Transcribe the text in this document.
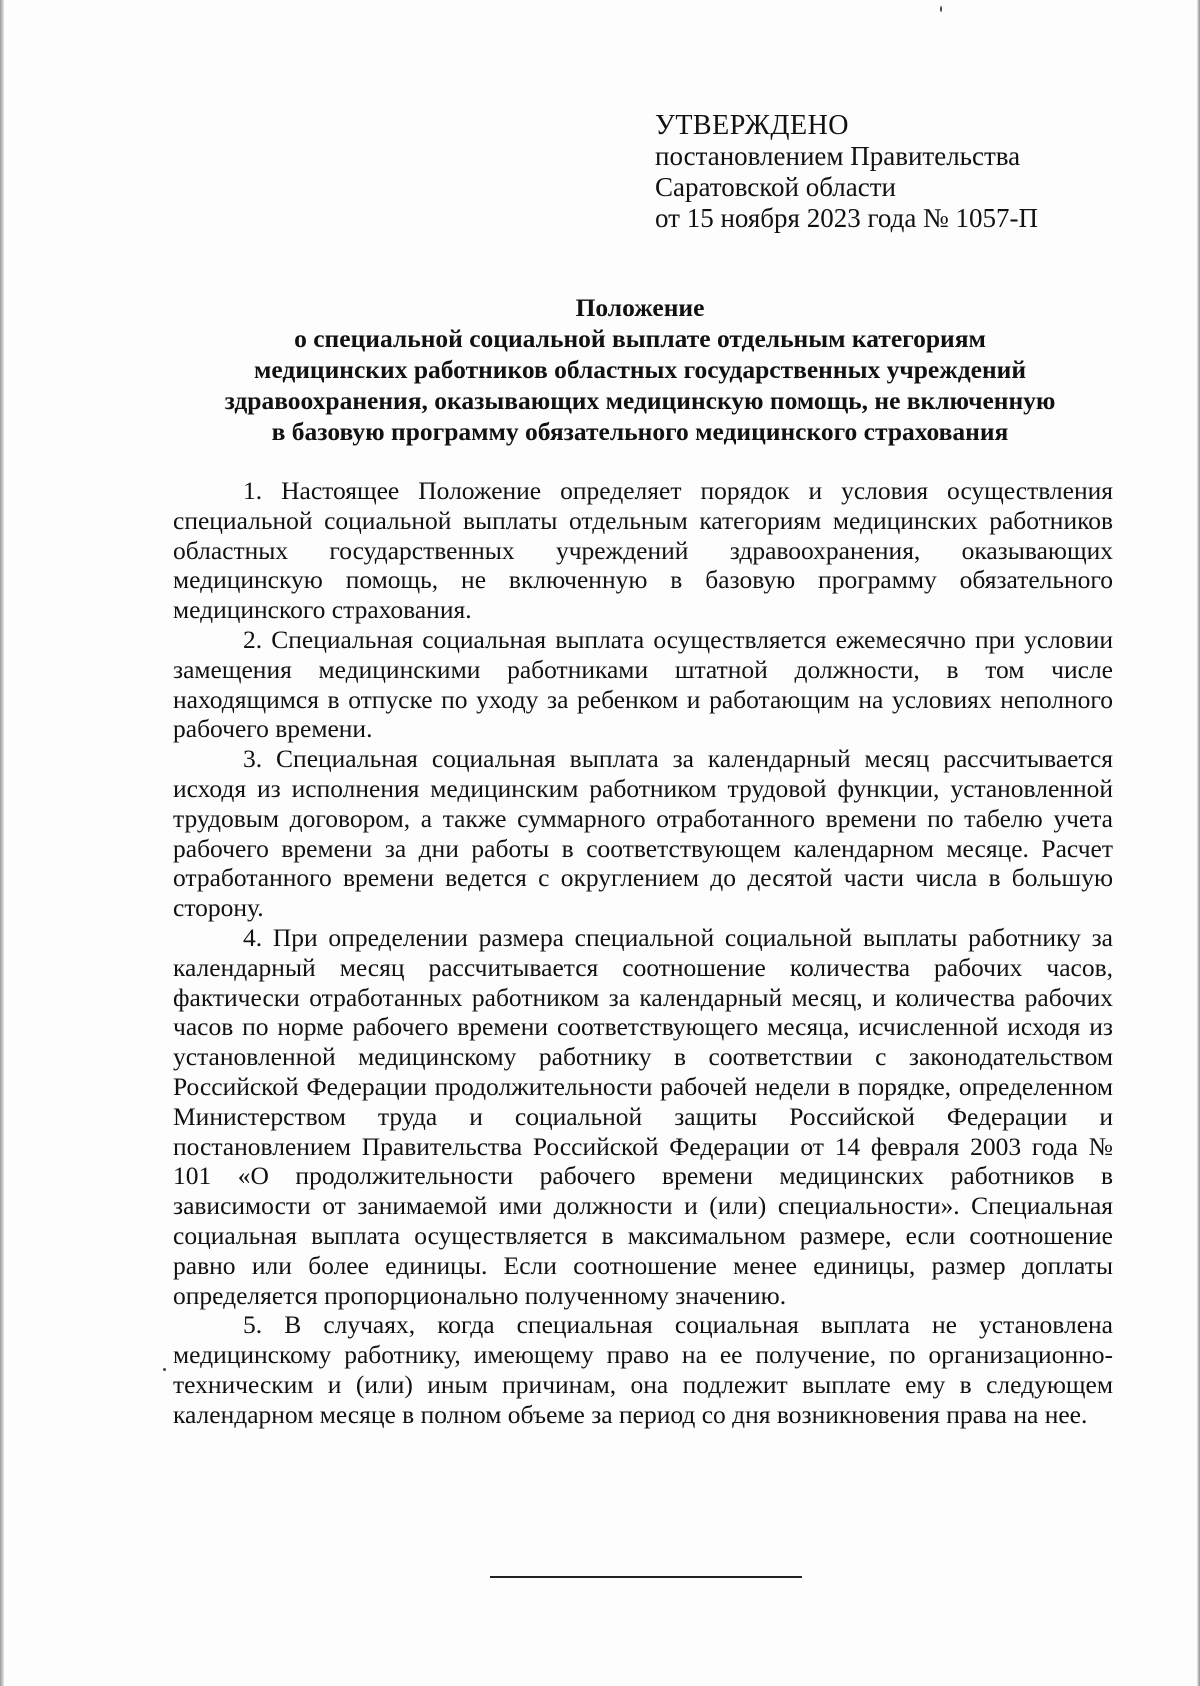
УТВЕРЖДЕНО
постановлением Правительства
Саратовской области
от 15 ноября 2023 года № 1057-П
Положение
о специальной социальной выплате отдельным категориям
медицинских работников областных государственных учреждений
здравоохранения, оказывающих медицинскую помощь, не включенную
в базовую программу обязательного медицинского страхования

1. Настоящее Положение определяет порядок и условия осуществления специальной социальной выплаты отдельным категориям медицинских работников областных государственных учреждений здравоохранения, оказывающих медицинскую помощь, не включенную в базовую программу обязательного медицинского страхования.

2. Специальная социальная выплата осуществляется ежемесячно при условии замещения медицинскими работниками штатной должности, в том числе находящимся в отпуске по уходу за ребенком и работающим на условиях неполного рабочего времени.

3. Специальная социальная выплата за календарный месяц рассчитывается исходя из исполнения медицинским работником трудовой функции, установленной трудовым договором, а также суммарного отработанного времени по табелю учета рабочего времени за дни работы в соответствующем календарном месяце. Расчет отработанного времени ведется с округлением до десятой части числа в большую сторону.

4. При определении размера специальной социальной выплаты работнику за календарный месяц рассчитывается соотношение количества рабочих часов, фактически отработанных работником за календарный месяц, и количества рабочих часов по норме рабочего времени соответствующего месяца, исчисленной исходя из установленной медицинскому работнику в соответствии с законодательством Российской Федерации продолжительности рабочей недели в порядке, определенном Министерством труда и социальной защиты Российской Федерации и постановлением Правительства Российской Федерации от 14 февраля 2003 года № 101 «О продолжительности рабочего времени медицинских работников в зависимости от занимаемой ими должности и (или) специальности». Специальная социальная выплата осуществляется в максимальном размере, если соотношение равно или более единицы. Если соотношение менее единицы, размер доплаты определяется пропорционально полученному значению.

5. В случаях, когда специальная социальная выплата не установлена медицинскому работнику, имеющему право на ее получение, по организационно-техническим и (или) иным причинам, она подлежит выплате ему в следующем календарном месяце в полном объеме за период со дня возникновения права на нее.
